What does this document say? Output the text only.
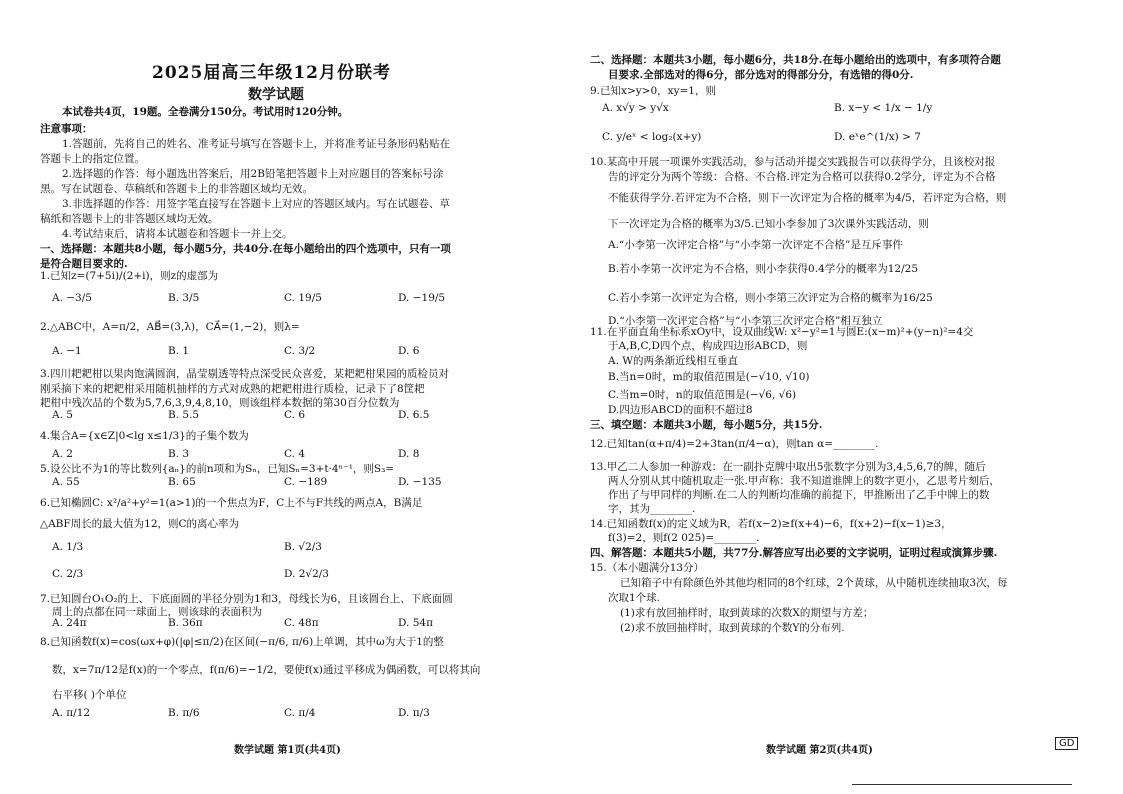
2025届高三年级12月份联考
数学试题
本试卷共4页，19题。全卷满分150分。考试用时120分钟。
注意事项：
1.答题前，先将自己的姓名、准考证号填写在答题卡上，并将准考证号条形码粘贴在
答题卡上的指定位置。
2.选择题的作答：每小题选出答案后，用2B铅笔把答题卡上对应题目的答案标号涂
黑。写在试题卷、草稿纸和答题卡上的非答题区域均无效。
3.非选择题的作答：用签字笔直接写在答题卡上对应的答题区域内。写在试题卷、草
稿纸和答题卡上的非答题区域均无效。
4.考试结束后，请将本试题卷和答题卡一并上交。
一、选择题：本题共8小题，每小题5分，共40分.在每小题给出的四个选项中，只有一项
是符合题目要求的.
1.已知z=(7+5i)/(2+i)，则z的虚部为
A. −3/5	B. 3/5	C. 19/5	D. −19/5
2.△ABC中，A=π/2，AB⃗=(3,λ)，CA⃗=(1,−2)，则λ=
A. −1	B. 1	C. 3/2	D. 6
3.四川耙耙柑以果肉饱满圆润，晶莹剔透等特点深受民众喜爱，某耙耙柑果园的质检员对
刚采摘下来的耙耙柑采用随机抽样的方式对成熟的耙耙柑进行质检，记录下了8筐耙
耙柑中残次品的个数为5,7,6,3,9,4,8,10，则该组样本数据的第30百分位数为
A. 5	B. 5.5	C. 6	D. 6.5
4.集合A={x∈Z|0<lg x≤1/3}的子集个数为
A. 2	B. 3	C. 4	D. 8
5.设公比不为1的等比数列{aₙ}的前n项和为Sₙ，已知Sₙ=3+t·4ⁿ⁻¹，则S₃=
A. 55	B. 65	C. −189	D. −135
6.已知椭圆C: x²/a²+y²=1(a>1)的一个焦点为F，C上不与F共线的两点A，B满足
△ABF周长的最大值为12，则C的离心率为
A. 1/3	B. √2/3
C. 2/3	D. 2√2/3
7.已知圆台O₁O₂的上、下底面圆的半径分别为1和3，母线长为6，且该圆台上、下底面圆
周上的点都在同一球面上，则该球的表面积为
A. 24π	B. 36π	C. 48π	D. 54π
8.已知函数f(x)=cos(ωx+φ)(|φ|≤π/2)在区间(−π/6, π/6)上单调，其中ω为大于1的整
数，x=7π/12是f(x)的一个零点，f(π/6)=−1/2，要使f(x)通过平移成为偶函数，可以将其向
右平移( )个单位
A. π/12	B. π/6	C. π/4	D. π/3
数学试题 第1页(共4页)
二、选择题：本题共3小题，每小题6分，共18分.在每小题给出的选项中，有多项符合题
目要求.全部选对的得6分，部分选对的得部分分，有选错的得0分.
9.已知x>y>0，xy=1，则
A. x√y > y√x	B. x−y < 1/x − 1/y
C. y/eˣ < log₂(x+y)	D. eˣe^(1/x) > 7
10.某高中开展一项课外实践活动，参与活动并提交实践报告可以获得学分，且该校对报
告的评定分为两个等级：合格、不合格.评定为合格可以获得0.2学分，评定为不合格
不能获得学分.若评定为不合格，则下一次评定为合格的概率为4/5，若评定为合格，则
下一次评定为合格的概率为3/5.已知小李参加了3次课外实践活动，则
A.“小李第一次评定合格”与“小李第一次评定不合格”是互斥事件
B.若小李第一次评定为不合格，则小李获得0.4学分的概率为12/25
C.若小李第一次评定为合格，则小李第三次评定为合格的概率为16/25
D.“小李第一次评定合格”与“小李第三次评定合格”相互独立
11.在平面直角坐标系xOy中，设双曲线W: x²−y²=1与圆E:(x−m)²+(y−n)²=4交
于A,B,C,D四个点，构成四边形ABCD，则
A. W的两条渐近线相互垂直
B.当n=0时，m的取值范围是(−√10, √10)
C.当m=0时，n的取值范围是(−√6, √6)
D.四边形ABCD的面积不超过8
三、填空题：本题共3小题，每小题5分，共15分.
12.已知tan(α+π/4)=2+3tan(π/4−α)，则tan α=________.
13.甲乙二人参加一种游戏：在一副扑克牌中取出5张数字分别为3,4,5,6,7的牌，随后
两人分别从其中随机取走一张.甲声称：我不知道谁牌上的数字更小，乙思考片刻后，
作出了与甲同样的判断.在二人的判断均准确的前提下，甲推断出了乙手中牌上的数
字，其为________.
14.已知函数f(x)的定义域为R，若f(x−2)≥f(x+4)−6，f(x+2)−f(x−1)≥3，
f(3)=2，则f(2 025)=________.
四、解答题：本题共5小题，共77分.解答应写出必要的文字说明，证明过程或演算步骤.
15.（本小题满分13分）
已知箱子中有除颜色外其他均相同的8个红球，2个黄球，从中随机连续抽取3次，每
次取1个球.
(1)求有放回抽样时，取到黄球的次数X的期望与方差；
(2)求不放回抽样时，取到黄球的个数Y的分布列.
数学试题 第2页(共4页)
GD
